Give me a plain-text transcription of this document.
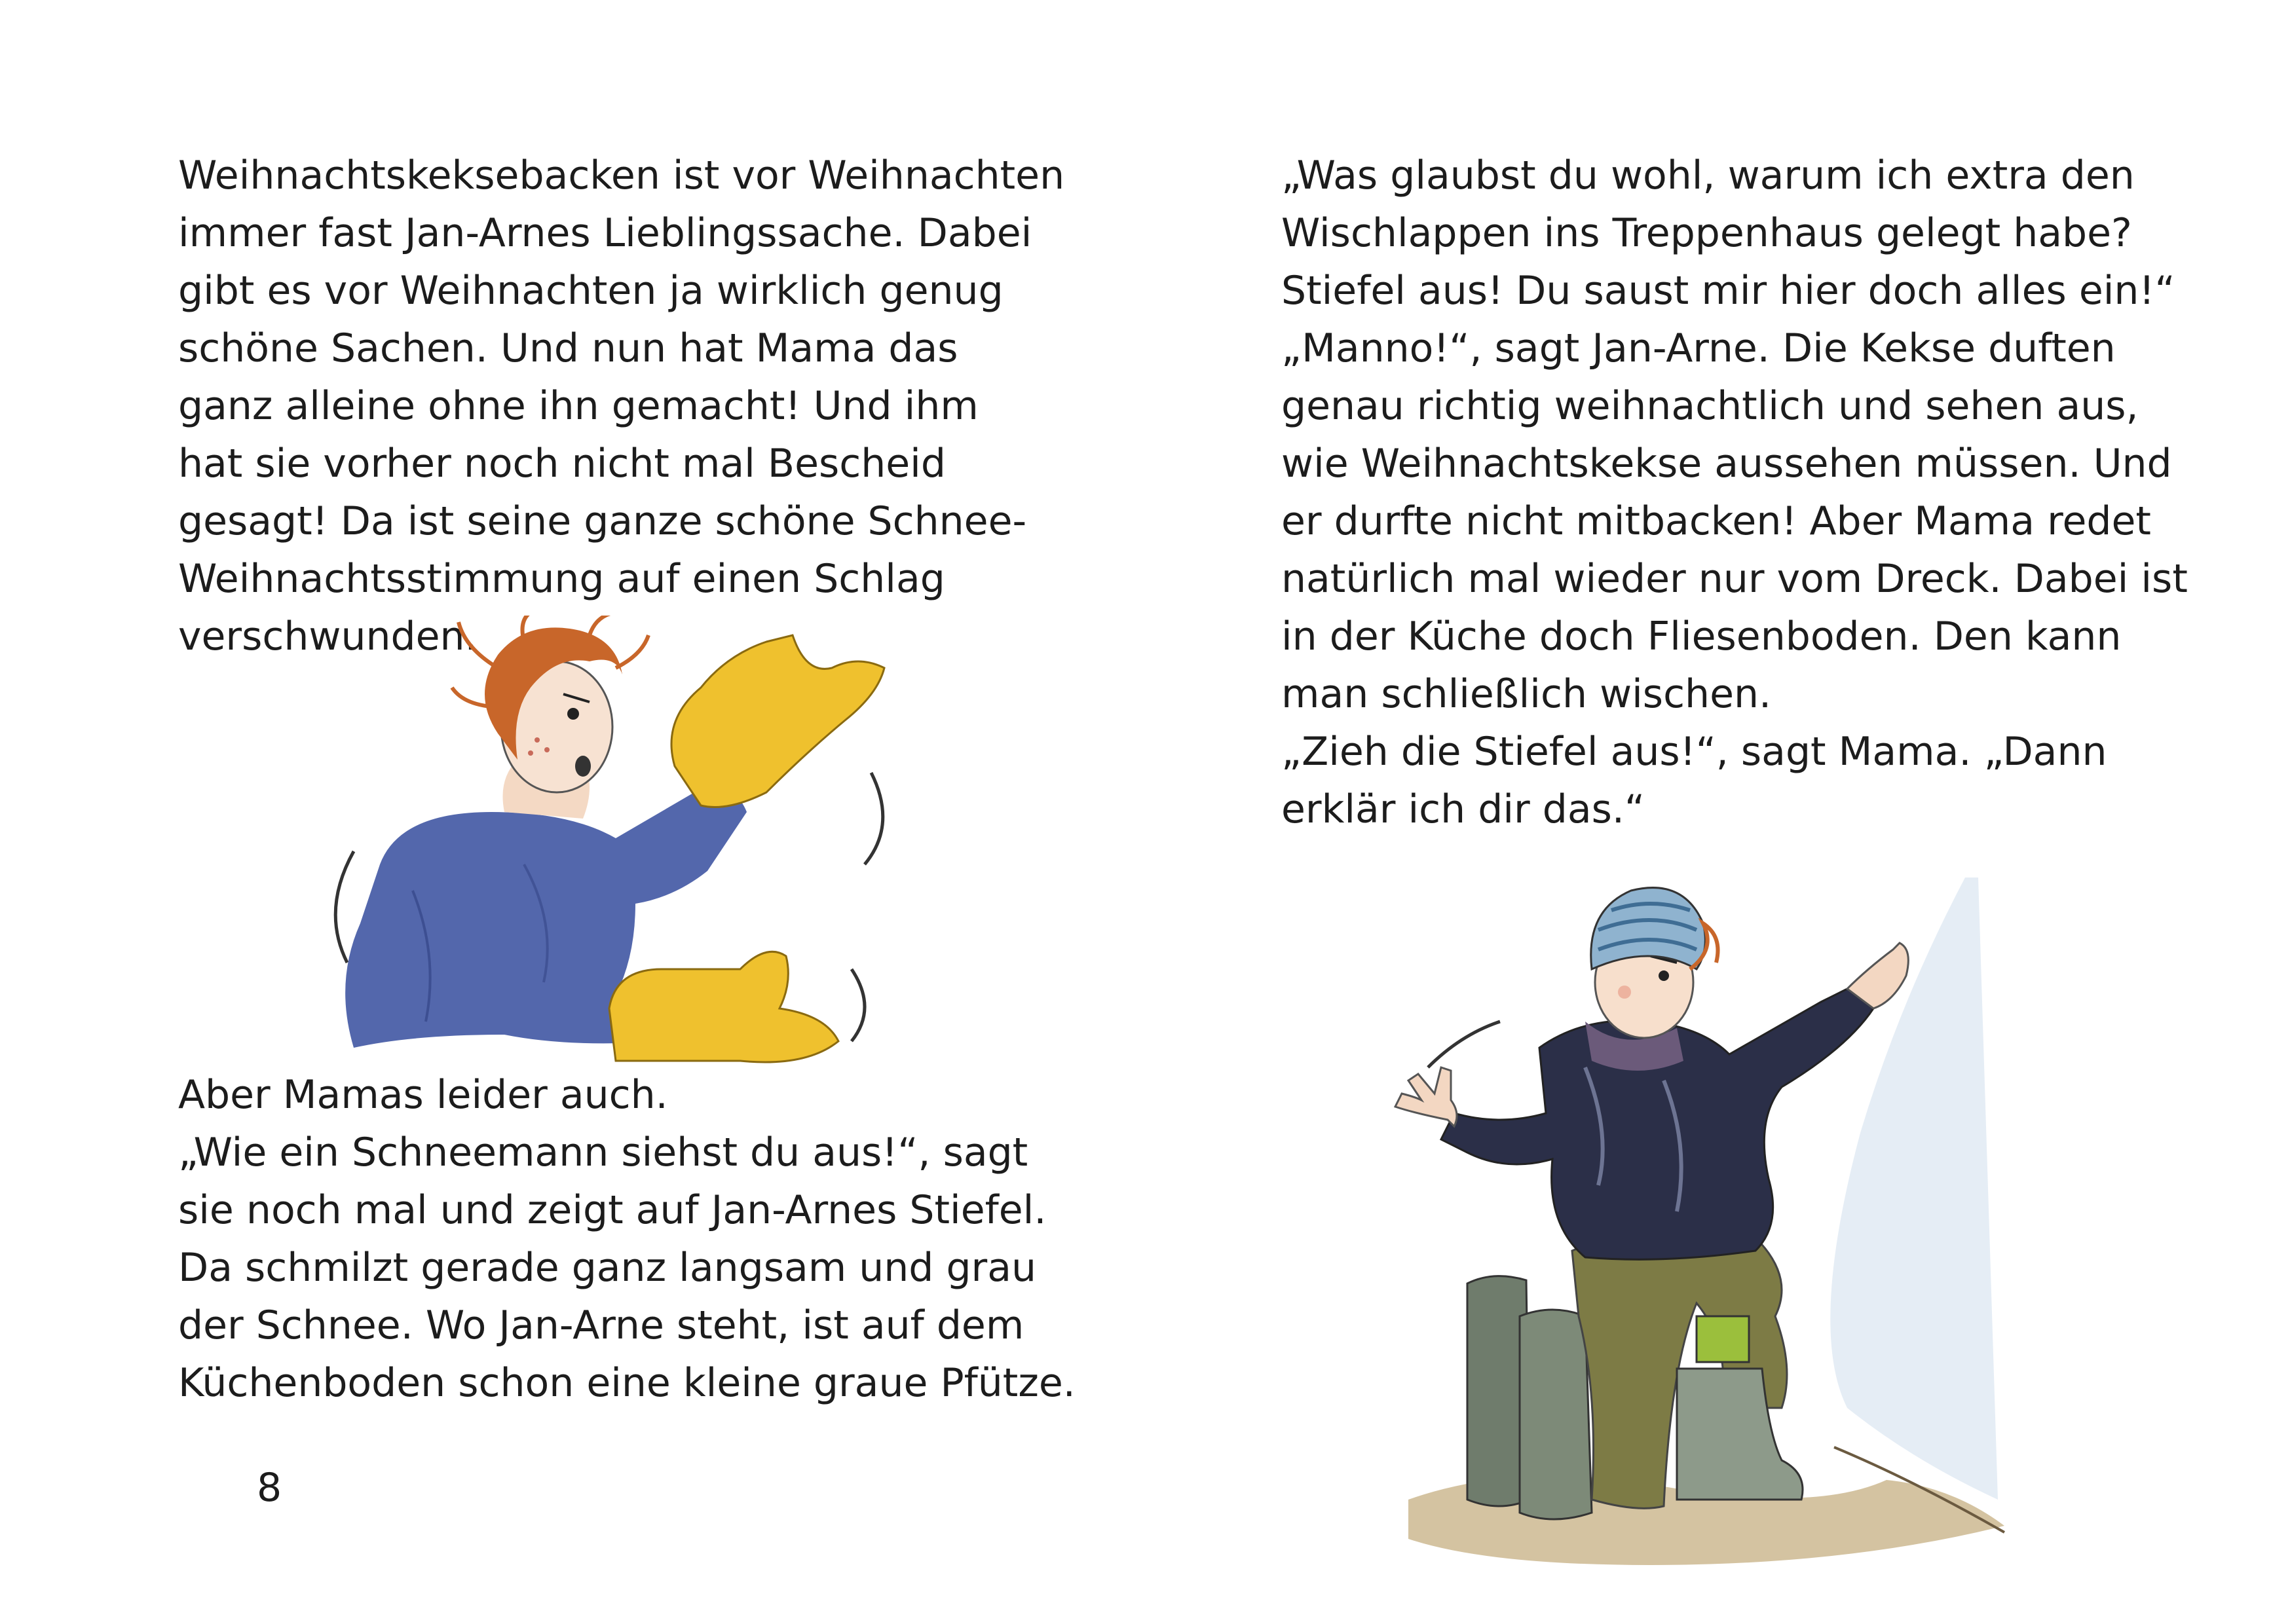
Weihnachtskeksebacken ist vor Weihnachten
immer fast Jan-Arnes Lieblingssache. Dabei
gibt es vor Weihnachten ja wirklich genug
schöne Sachen. Und nun hat Mama das
ganz alleine ohne ihn gemacht! Und ihm
hat sie vorher noch nicht mal Bescheid
gesagt! Da ist seine ganze schöne Schnee-
Weihnachtsstimmung auf einen Schlag
verschwunden.
Aber Mamas leider auch.
„Wie ein Schneemann siehst du aus!“, sagt
sie noch mal und zeigt auf Jan-Arnes Stiefel.
Da schmilzt gerade ganz langsam und grau
der Schnee. Wo Jan-Arne steht, ist auf dem
Küchenboden schon eine kleine graue Pfütze.
8
„Was glaubst du wohl, warum ich extra den
Wischlappen ins Treppenhaus gelegt habe?
Stiefel aus! Du saust mir hier doch alles ein!“
„Manno!“, sagt Jan-Arne. Die Kekse duften
genau richtig weihnachtlich und sehen aus,
wie Weihnachtskekse aussehen müssen. Und
er durfte nicht mitbacken! Aber Mama redet
natürlich mal wieder nur vom Dreck. Dabei ist
in der Küche doch Fliesenboden. Den kann
man schließlich wischen.
„Zieh die Stiefel aus!“, sagt Mama. „Dann
erklär ich dir das.“
